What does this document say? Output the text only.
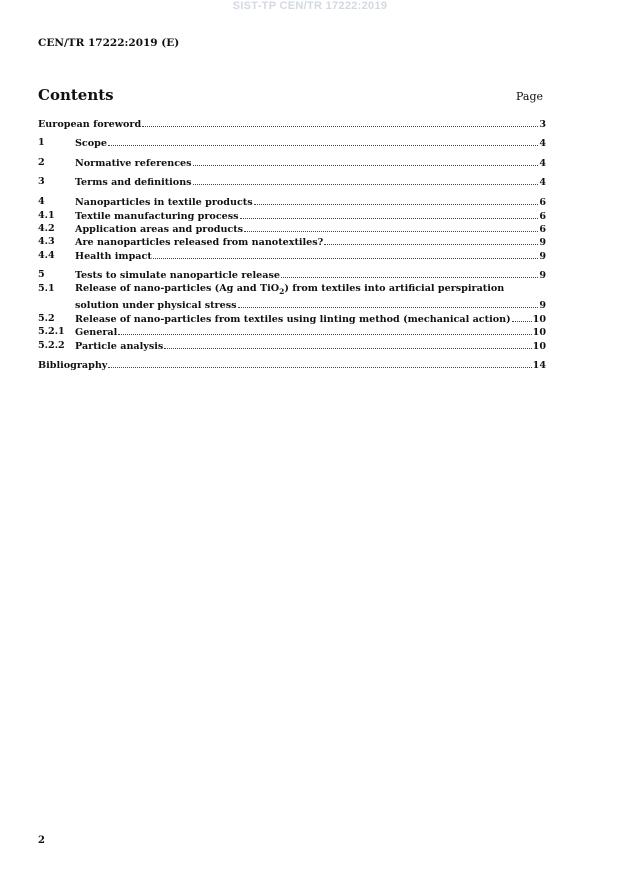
SIST-TP CEN/TR 17222:2019
CEN/TR 17222:2019 (E)
Contents	Page
European foreword	3
1	Scope	4
2	Normative references	4
3	Terms and definitions	4
4	Nanoparticles in textile products	6
4.1 Textile manufacturing process	6
4.2 Application areas and products	6
4.3 Are nanoparticles released from nanotextiles?	9
4.4 Health impact	9
5	Tests to simulate nanoparticle release	9
5.1 Release of nano-particles (Ag and TiO$_2$) from textiles into artificial perspiration
solution under physical stress	9
5.2 Release of nano-particles from textiles using linting method (mechanical action) 10
5.2.1 General	10
5.2.2 Particle analysis	10
Bibliography	14
2
